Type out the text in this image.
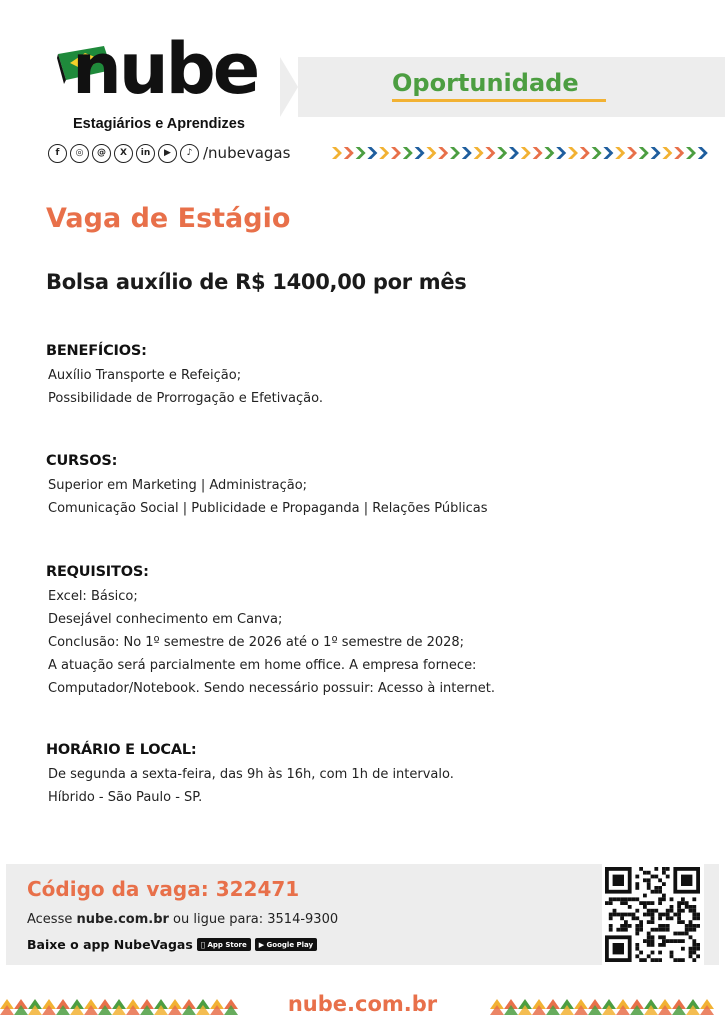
nube
Estagiários e Aprendizes
Oportunidade
f	◎	@	X	in	▶	♪ /nubevagas
Vaga de Estágio
Bolsa auxílio de R$ 1400,00 por mês
BENEFÍCIOS:
Auxílio Transporte e Refeição;
Possibilidade de Prorrogação e Efetivação.
CURSOS:
Superior em Marketing | Administração;
Comunicação Social | Publicidade e Propaganda | Relações Públicas
REQUISITOS:
Excel: Básico;
Desejável conhecimento em Canva;
Conclusão: No 1º semestre de 2026 até o 1º semestre de 2028;
A atuação será parcialmente em home office. A empresa fornece:
Computador/Notebook. Sendo necessário possuir: Acesso à internet.
HORÁRIO E LOCAL:
De segunda a sexta-feira, das 9h às 16h, com 1h de intervalo.
Híbrido - São Paulo - SP.
Código da vaga: 322471
Acesse nube.com.br ou ligue para: 3514-9300
Baixe o app NubeVagas
App Store ▶
Google Play
nube.com.br
